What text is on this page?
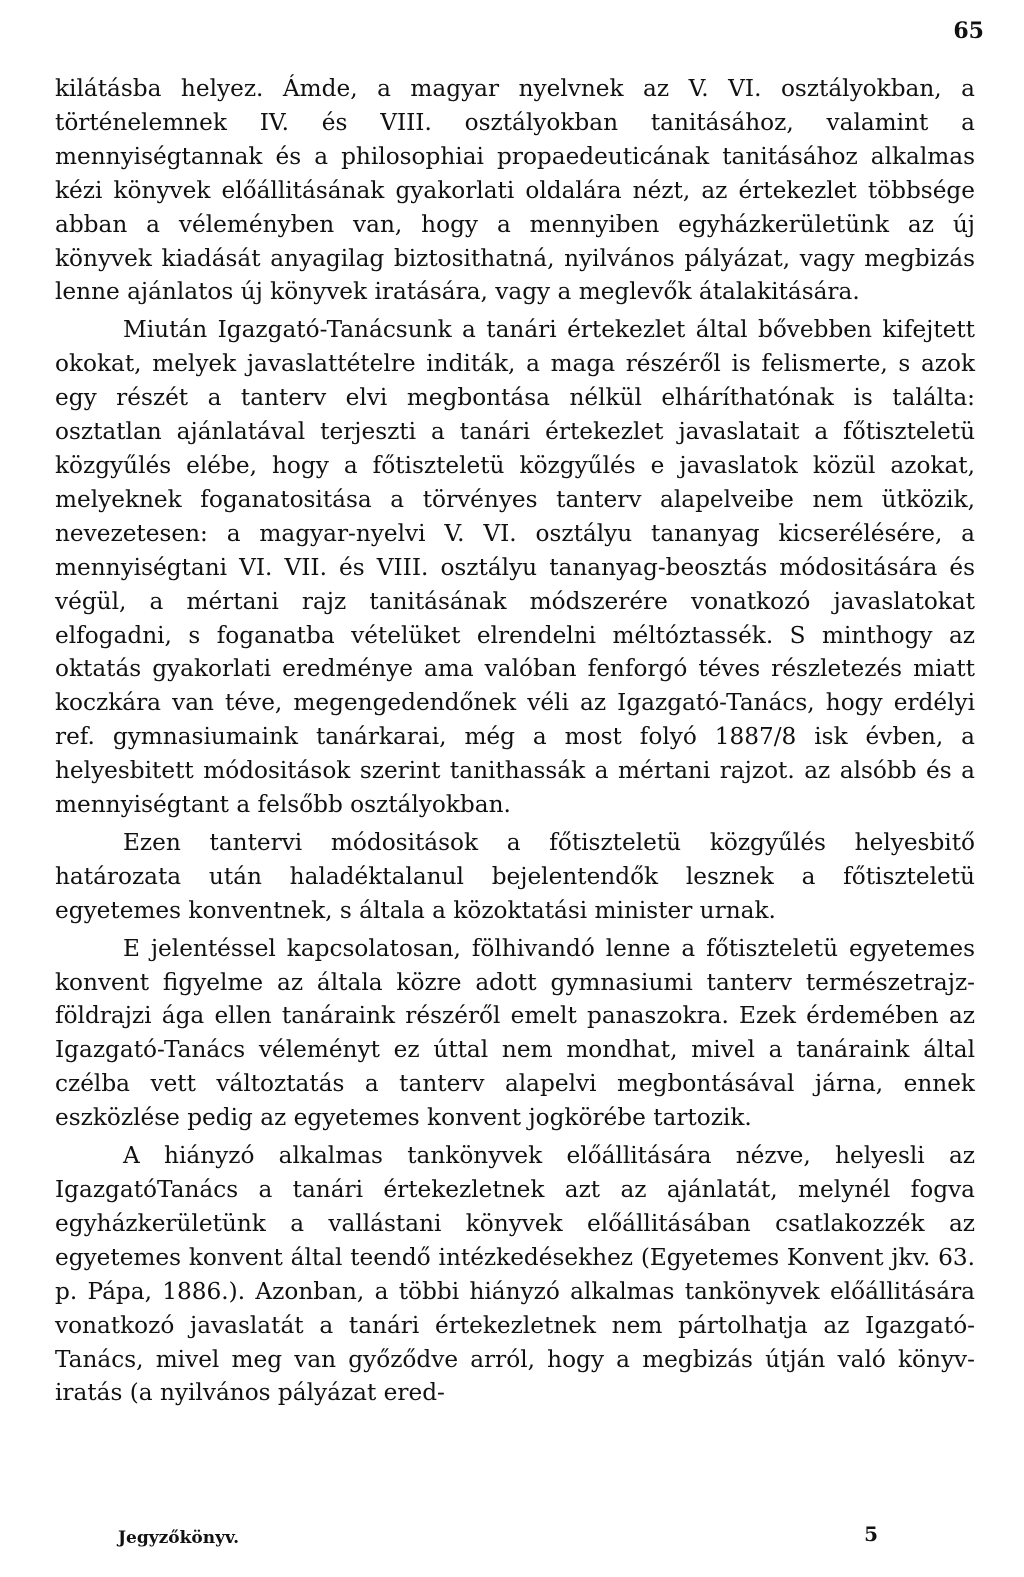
65

kilátásba helyez. Ámde, a magyar nyelvnek az V. VI. osztályokban, a történelemnek IV. és VIII. osztályokban tanitásához, valamint a mennyiségtannak és a philosophiai propaedeuticának tanitásához alkalmas kézi könyvek előállitásának gyakorlati oldalára nézt, az értekezlet többsége abban a véleményben van, hogy a mennyiben egyházkerületünk az új könyvek kiadását anyagilag biztosithatná, nyilvános pályázat, vagy megbizás lenne ajánlatos új könyvek iratására, vagy a meglevők átalakitására.

Miután Igazgató-Tanácsunk a tanári értekezlet által bővebben kifejtett okokat, melyek javaslattételre inditák, a maga részéről is felismerte, s azok egy részét a tanterv elvi megbontása nélkül elháríthatónak is találta: osztatlan ajánlatával terjeszti a tanári értekezlet javaslatait a főtiszteletü közgyűlés elébe, hogy a főtiszteletü közgyűlés e javaslatok közül azokat, melyeknek foganatositása a törvényes tanterv alapelveibe nem ütközik, nevezetesen: a magyar-nyelvi V. VI. osztályu tananyag kicserélésére, a mennyiségtani VI. VII. és VIII. osztályu tananyag-beosztás módositására és végül, a mértani rajz tanitásának módszerére vonatkozó javaslatokat elfogadni, s foganatba vételüket elrendelni méltóztassék. S minthogy az oktatás gyakorlati eredménye ama valóban fenforgó téves részletezés miatt koczkára van téve, megengedendőnek véli az Igazgató-Tanács, hogy erdélyi ref. gymnasiumaink tanárkarai, még a most folyó 1887/8 isk évben, a helyesbitett módositások szerint tanithassák a mértani rajzot. az alsóbb és a mennyiségtant a felsőbb osztályokban.

Ezen tantervi módositások a főtiszteletü közgyűlés helyesbitő határozata után haladéktalanul bejelentendők lesznek a főtiszteletü egyetemes konventnek, s általa a közoktatási minister urnak.

E jelentéssel kapcsolatosan, fölhivandó lenne a főtiszteletü egyetemes konvent figyelme az általa közre adott gymnasiumi tanterv természetrajz-földrajzi ága ellen tanáraink részéről emelt panaszokra. Ezek érdemében az Igazgató-Tanács véleményt ez úttal nem mondhat, mivel a tanáraink által czélba vett változtatás a tanterv alapelvi megbontásával járna, ennek eszközlése pedig az egyetemes konvent jogkörébe tartozik.

A hiányzó alkalmas tankönyvek előállitására nézve, helyesli az IgazgatóTanács a tanári értekezletnek azt az ajánlatát, melynél fogva egyházkerületünk a vallástani könyvek előállitásában csatlakozzék az egyetemes konvent által teendő intézkedésekhez (Egyetemes Konvent jkv. 63. p. Pápa, 1886.). Azonban, a többi hiányzó alkalmas tankönyvek előállitására vonatkozó javaslatát a tanári értekezletnek nem pártolhatja az Igazgató-Tanács, mivel meg van győződve arról, hogy a megbizás útján való könyv-iratás (a nyilvános pályázat ered-

Jegyzőkönyv.	5
